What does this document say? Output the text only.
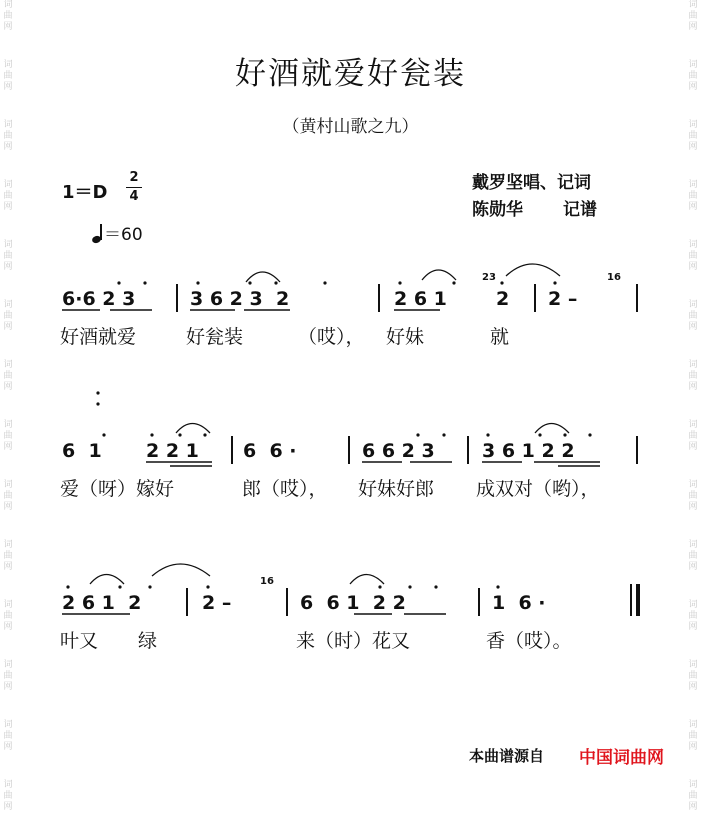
词
曲
网
词
曲
网
词
曲
网
词
曲
网
词
曲
网
词
曲
网
词
曲
网
词
曲
网
词
曲
网
词
曲
网
词
曲
网
词
曲
网
词
曲
网
词
曲
网
词
曲
网
词
曲
网
词
曲
网
词
曲
网
词
曲
网
词
曲
网
词
曲
网
词
曲
网
词
曲
网
词
曲
网
词
曲
网
词
曲
网
词
曲
网
词
曲
网
好酒就爱好瓮装
（黄村山歌之九）
1＝D
2
4
＝60
戴罗坚唱、记词
陈勋华 记谱
6·6 2 3	3 6 2 3  2	2 6 1
23
2 2 –
16
好酒就爱	好瓮装	（哎）， 好妹	就
6  1 2 2 1 6  6 ·	6 6 2 3 3 6 1 2 2
爱（呀）嫁好	郎（哎）， 好妹好郎 成双对（哟），
2 6 1  2	2 –
16
6  6 1  2 2	1  6 ·
叶又 绿	来（时）花又	香（哎）。
本曲谱源自 中国词曲网
